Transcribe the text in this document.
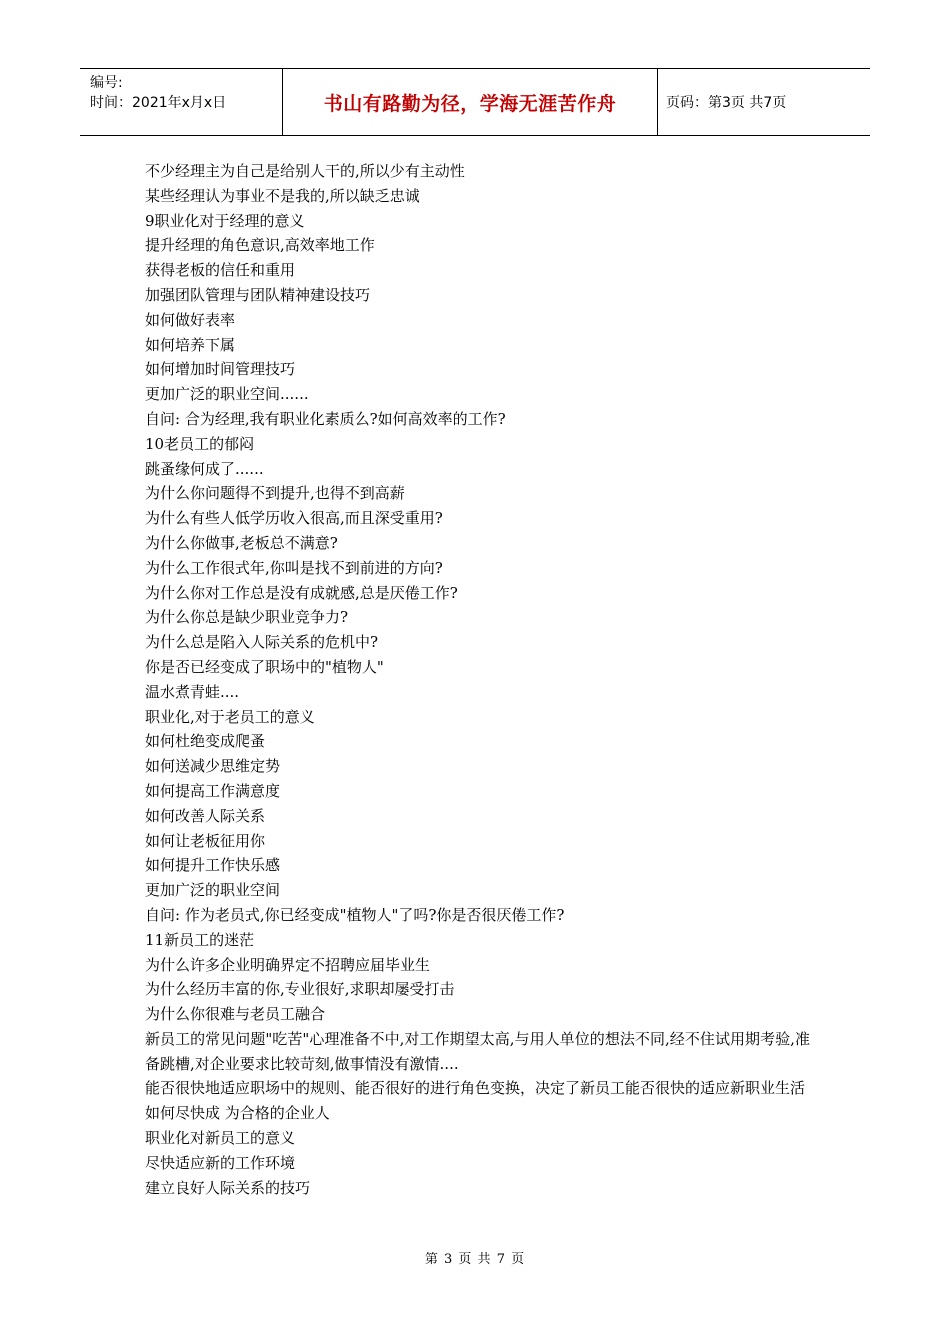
编号:
时间：2021年x月x日	书山有路勤为径，学海无涯苦作舟	页码：第3页 共7页
不少经理主为自己是给别人干的,所以少有主动性
某些经理认为事业不是我的,所以缺乏忠诚
9职业化对于经理的意义
提升经理的角色意识,高效率地工作
获得老板的信任和重用
加强团队管理与团队精神建设技巧
如何做好表率
如何培养下属
如何增加时间管理技巧
更加广泛的职业空间......
自问: 合为经理,我有职业化素质么?如何高效率的工作?
10老员工的郁闷
跳蚤缘何成了......
为什么你问题得不到提升,也得不到高薪
为什么有些人低学历收入很高,而且深受重用?
为什么你做事,老板总不满意?
为什么工作很式年,你叫是找不到前进的方向?
为什么你对工作总是没有成就感,总是厌倦工作?
为什么你总是缺少职业竞争力?
为什么总是陷入人际关系的危机中?
你是否已经变成了职场中的"植物人"
温水煮青蛙....
职业化,对于老员工的意义
如何杜绝变成爬蚤
如何送减少思维定势
如何提高工作满意度
如何改善人际关系
如何让老板征用你
如何提升工作快乐感
更加广泛的职业空间
自问: 作为老员式,你已经变成"植物人"了吗?你是否很厌倦工作?
11新员工的迷茫
为什么许多企业明确界定不招聘应届毕业生
为什么经历丰富的你,专业很好,求职却屡受打击
为什么你很难与老员工融合
新员工的常见问题"吃苦"心理准备不中,对工作期望太高,与用人单位的想法不同,经不住试用期考验,准备跳槽,对企业要求比较苛刻,做事情没有激情....
能否很快地适应职场中的规则、能否很好的进行角色变换，决定了新员工能否很快的适应新职业生活
如何尽快成 为合格的企业人
职业化对新员工的意义
尽快适应新的工作环境
建立良好人际关系的技巧
第 3 页 共 7 页
